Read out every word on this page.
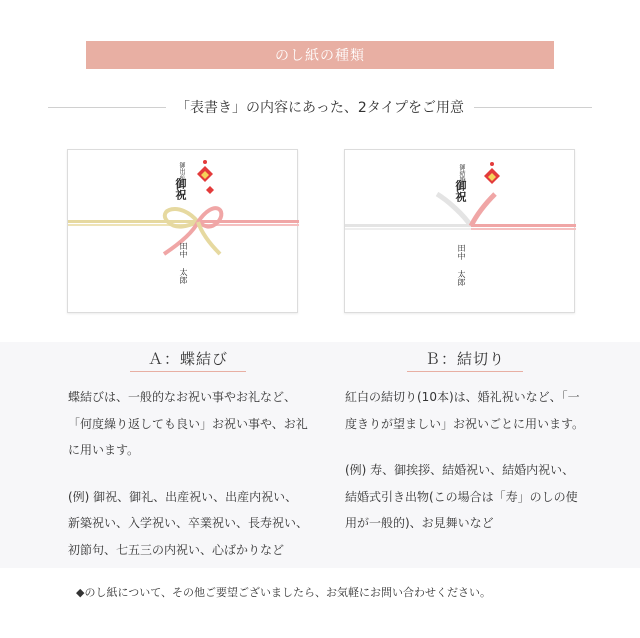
のし紙の種類
「表書き」の内容にあった、2タイプをご用意
御出産
御祝
田中
太郎
御結婚
御祝
田中
太郎
Ａ：蝶結び

蝶結びは、一般的なお祝い事やお礼など、「何度繰り返しても良い」お祝い事や、お礼に用います。

(例) 御祝、御礼、出産祝い、出産内祝い、新築祝い、入学祝い、卒業祝い、長寿祝い、初節句、七五三の内祝い、心ばかりなど

Ｂ：結切り

紅白の結切り(10本)は、婚礼祝いなど、「一度きりが望ましい」お祝いごとに用います。

(例) 寿、御挨拶、結婚祝い、結婚内祝い、結婚式引き出物(この場合は「寿」のしの使用が一般的)、お見舞いなど

◆のし紙について、その他ご要望ございましたら、お気軽にお問い合わせください。
